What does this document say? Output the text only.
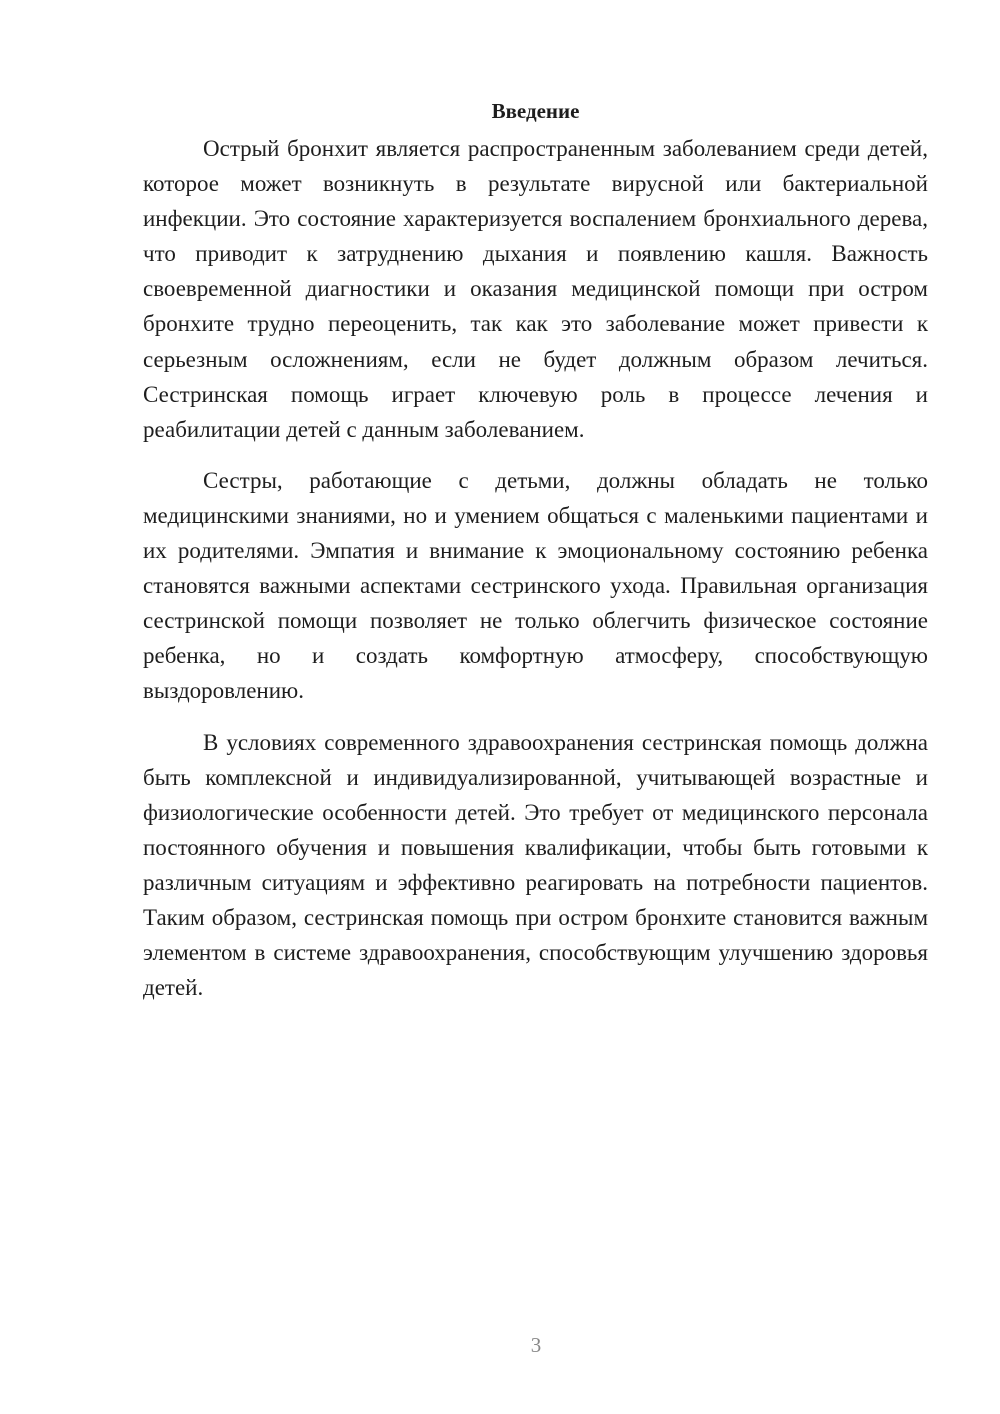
Введение

Острый бронхит является распространенным заболеванием среди детей, которое может возникнуть в результате вирусной или бактериальной инфекции. Это состояние характеризуется воспалением бронхиального дерева, что приводит к затруднению дыхания и появлению кашля. Важность своевременной диагностики и оказания медицинской помощи при остром бронхите трудно переоценить, так как это заболевание может привести к серьезным осложнениям, если не будет должным образом лечиться. Сестринская помощь играет ключевую роль в процессе лечения и реабилитации детей с данным заболеванием.

Сестры, работающие с детьми, должны обладать не только медицинскими знаниями, но и умением общаться с маленькими пациентами и их родителями. Эмпатия и внимание к эмоциональному состоянию ребенка становятся важными аспектами сестринского ухода. Правильная организация сестринской помощи позволяет не только облегчить физическое состояние ребенка, но и создать комфортную атмосферу, способствующую выздоровлению.

В условиях современного здравоохранения сестринская помощь должна быть комплексной и индивидуализированной, учитывающей возрастные и физиологические особенности детей. Это требует от медицинского персонала постоянного обучения и повышения квалификации, чтобы быть готовыми к различным ситуациям и эффективно реагировать на потребности пациентов. Таким образом, сестринская помощь при остром бронхите становится важным элементом в системе здравоохранения, способствующим улучшению здоровья детей.

3
